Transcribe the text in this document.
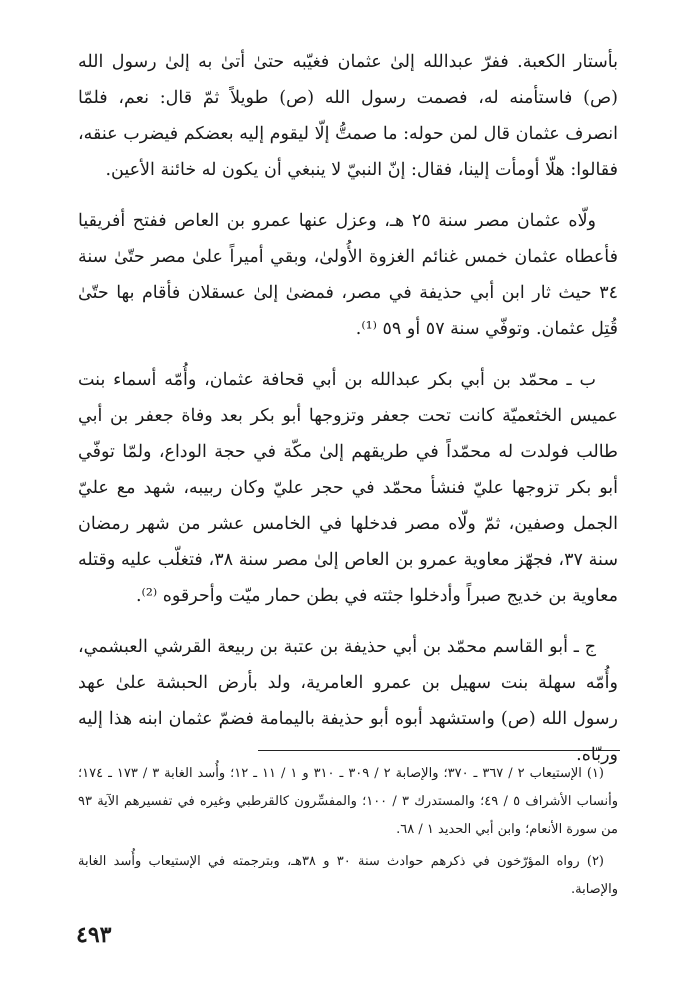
بأستار الكعبة. ففرّ عبدالله إلىٰ عثمان فغيّبه حتىٰ أتىٰ به إلىٰ رسول الله (ص) فاستأمنه له، فصمت رسول الله (ص) طويلاً ثمّ قال: نعم، فلمّا انصرف عثمان قال لمن حوله: ما صمتُّ إلّا ليقوم إليه بعضكم فيضرب عنقه، فقالوا: هلّا أومأت إلينا، فقال: إنّ النبيّ لا ينبغي أن يكون له خائنة الأعين.

ولّاه عثمان مصر سنة ٢٥ هـ، وعزل عنها عمرو بن العاص ففتح أفريقيا فأعطاه عثمان خمس غنائم الغزوة الأُولىٰ، وبقي أميراً علىٰ مصر حتّىٰ سنة ٣٤ حيث ثار ابن أبي حذيفة في مصر، فمضىٰ إلىٰ عسقلان فأقام بها حتّىٰ قُتِل عثمان. وتوفّي سنة ٥٧ أو ٥٩ ⁽¹⁾.

ب ـ محمّد بن أبي بكر عبدالله بن أبي قحافة عثمان، وأُمّه أسماء بنت عميس الخثعميّة كانت تحت جعفر وتزوجها أبو بكر بعد وفاة جعفر بن أبي طالب فولدت له محمّداً في طريقهم إلىٰ مكّة في حجة الوداع، ولمّا توفّي أبو بكر تزوجها عليّ فنشأ محمّد في حجر عليّ وكان ربيبه، شهد مع عليّ الجمل وصفين، ثمّ ولّاه مصر فدخلها في الخامس عشر من شهر رمضان سنة ٣٧، فجهّز معاوية عمرو بن العاص إلىٰ مصر سنة ٣٨، فتغلّب عليه وقتله معاوية بن خديج صبراً وأدخلوا جثته في بطن حمار ميّت وأحرقوه ⁽²⁾.

ج ـ أبو القاسم محمّد بن أبي حذيفة بن عتبة بن ربيعة القرشي العبشمي، وأُمّه سهلة بنت سهيل بن عمرو العامرية، ولد بأرض الحبشة علىٰ عهد رسول الله (ص) واستشهد أبوه أبو حذيفة باليمامة فضمّ عثمان ابنه هذا إليه وربّاه.

(١) الإستيعاب ٢ / ٣٦٧ ـ ٣٧٠؛ والإصابة ٢ / ٣٠٩ ـ ٣١٠ و ١ / ١١ ـ ١٢؛ وأُسد الغابة ٣ / ١٧٣ ـ ١٧٤؛ وأنساب الأشراف ٥ / ٤٩؛ والمستدرك ٣ / ١٠٠؛ والمفسِّرون كالقرطبي وغيره في تفسيرهم الآية ٩٣ من سورة الأنعام؛ وابن أبي الحديد ١ / ٦٨.

(٢) رواه المؤرّخون في ذكرهم حوادث سنة ٣٠ و ٣٨هـ، وبترجمته في الإستيعاب وأُسد الغابة والإصابة.

٤٩٣
